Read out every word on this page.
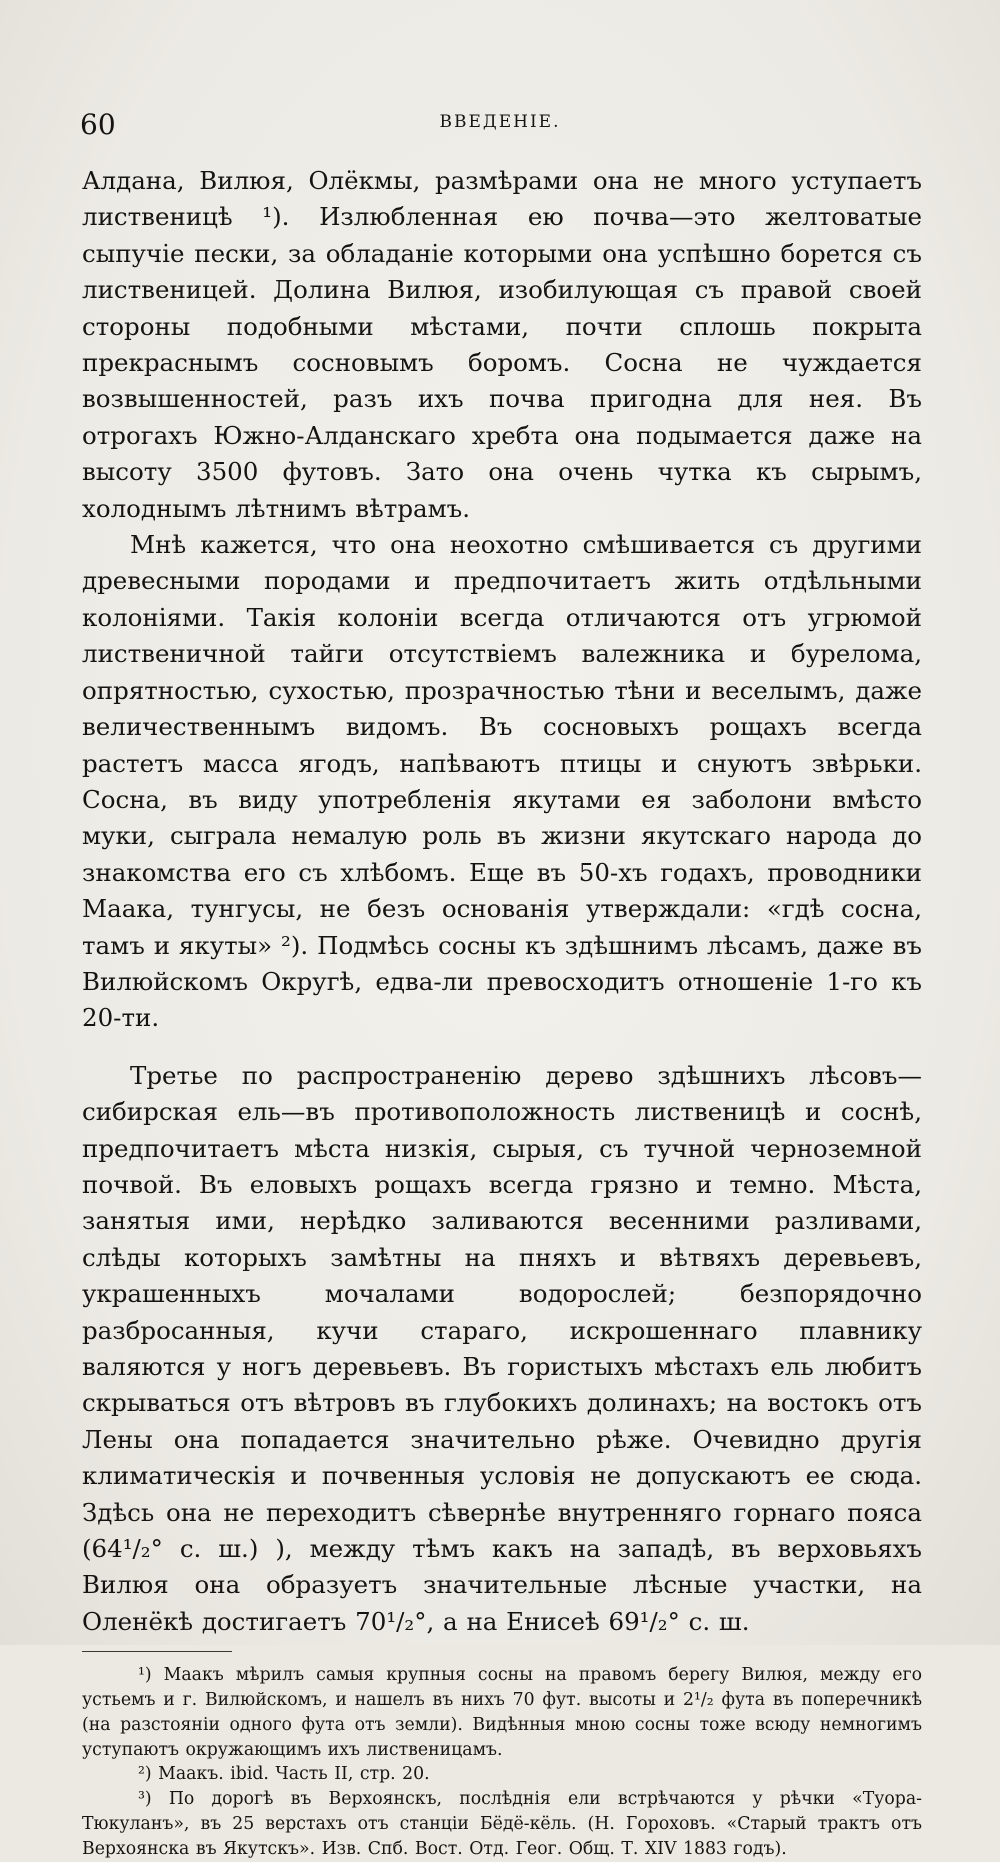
60	ВВЕДЕНІЕ.

Алдана, Вилюя, Олёкмы, размѣрами она не много уступаетъ лиственицѣ ¹). Излюбленная ею почва—это желтоватые сыпучіе пески, за обладаніе которыми она успѣшно борется съ лиственицей. Долина Вилюя, изобилующая съ правой своей стороны подобными мѣстами, почти сплошь покрыта прекраснымъ сосновымъ боромъ. Сосна не чуждается возвышенностей, разъ ихъ почва пригодна для нея. Въ отрогахъ Южно-Алданскаго хребта она подымается даже на высоту 3500 футовъ. Зато она очень чутка къ сырымъ, холоднымъ лѣтнимъ вѣтрамъ.

Мнѣ кажется, что она неохотно смѣшивается съ другими древесными породами и предпочитаетъ жить отдѣльными колоніями. Такія колоніи всегда отличаются отъ угрюмой лиственичной тайги отсутствіемъ валежника и бурелома, опрятностью, сухостью, прозрачностью тѣни и веселымъ, даже величественнымъ видомъ. Въ сосновыхъ рощахъ всегда растетъ масса ягодъ, напѣваютъ птицы и снуютъ звѣрьки. Сосна, въ виду употребленія якутами ея заболони вмѣсто муки, сыграла немалую роль въ жизни якутскаго народа до знакомства его съ хлѣбомъ. Еще въ 50-хъ годахъ, проводники Маака, тунгусы, не безъ основанія утверждали: «гдѣ сосна, тамъ и якуты» ²). Подмѣсь сосны къ здѣшнимъ лѣсамъ, даже въ Вилюйскомъ Округѣ, едва-ли превосходитъ отношеніе 1-го къ 20-ти.

Третье по распространенію дерево здѣшнихъ лѣсовъ—сибирская ель—въ противоположность лиственицѣ и соснѣ, предпочитаетъ мѣста низкія, сырыя, съ тучной черноземной почвой. Въ еловыхъ рощахъ всегда грязно и темно. Мѣста, занятыя ими, нерѣдко заливаются весенними разливами, слѣды которыхъ замѣтны на пняхъ и вѣтвяхъ деревьевъ, украшенныхъ мочалами водорослей; безпорядочно разбросанныя, кучи стараго, искрошеннаго плавнику валяются у ногъ деревьевъ. Въ гористыхъ мѣстахъ ель любитъ скрываться отъ вѣтровъ въ глубокихъ долинахъ; на востокъ отъ Лены она попадается значительно рѣже. Очевидно другія климатическія и почвенныя условія не допускаютъ ее сюда. Здѣсь она не переходитъ сѣвернѣе внутренняго горнаго пояса (64¹/₂° с. ш.) ), между тѣмъ какъ на западѣ, въ верховьяхъ Вилюя она образуетъ значительные лѣсные участки, на Оленёкѣ достигаетъ 70¹/₂°, а на Енисеѣ 69¹/₂° с. ш.

¹) Маакъ мѣрилъ самыя крупныя сосны на правомъ берегу Вилюя, между его устьемъ и г. Вилюйскомъ, и нашелъ въ нихъ 70 фут. высоты и 2¹/₂ фута въ поперечникѣ (на разстояніи одного фута отъ земли). Видѣнныя мною сосны тоже всюду немногимъ уступаютъ окружающимъ ихъ лиственицамъ.

²) Маакъ. ibid. Часть II, стр. 20.

³) По дорогѣ въ Верхоянскъ, послѣднія ели встрѣчаются у рѣчки «Туора-Тюкуланъ», въ 25 верстахъ отъ станціи Бёдё-кёль. (Н. Гороховъ. «Старый трактъ отъ Верхоянска въ Якутскъ». Изв. Спб. Вост. Отд. Геог. Общ. Т. XIV 1883 годъ).
